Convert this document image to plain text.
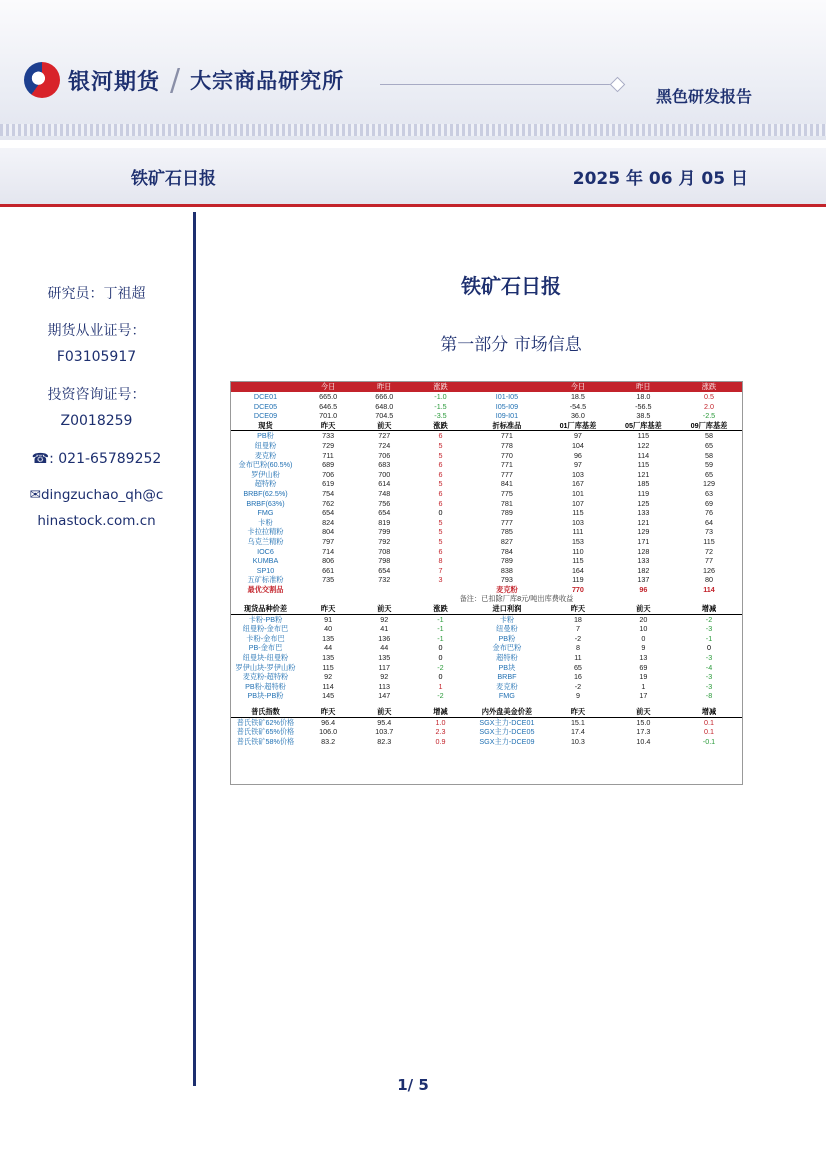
银河期货 / 大宗商品研究所
黑色研发报告
铁矿石日报	2025 年 06 月 05 日
研究员：丁祖超
期货从业证号：
F03105917
投资咨询证号：
Z0018259
☎: 021-65789252
✉dingzuchao_qh@c
hinastock.com.cn
铁矿石日报
第一部分 市场信息
	今日	昨日	涨跌		今日	昨日	涨跌	
DCE01	665.0	666.0	-1.0	I01-I05	18.5	18.0	0.5	
DCE05	646.5	648.0	-1.5	I05-I09	-54.5	-56.5	2.0	
DCE09	701.0	704.5	-3.5	I09-I01	36.0	38.5	-2.5	
现货	昨天	前天	涨跌	折标准品	01厂库基差	05厂库基差	09厂库基差	
PB粉	733	727	6	771	97	115	58	
纽曼粉	729	724	5	778	104	122	65	
麦克粉	711	706	5	770	96	114	58	
金布巴粉(60.5%)	689	683	6	771	97	115	59	
罗伊山粉	706	700	6	777	103	121	65	
超特粉	619	614	5	841	167	185	129	
BRBF(62.5%)	754	748	6	775	101	119	63	
BRBF(63%)	762	756	6	781	107	125	69	
FMG	654	654	0	789	115	133	76	
卡粉	824	819	5	777	103	121	64	
卡拉拉精粉	804	799	5	785	111	129	73	
乌克兰精粉	797	792	5	827	153	171	115	
IOC6	714	708	6	784	110	128	72	
KUMBA	806	798	8	789	115	133	77	
SP10	661	654	7	838	164	182	126	
五矿标准粉	735	732	3	793	119	137	80	
最优交割品				麦克粉	770	96	114	
备注：已扣除厂库8元/吨出库费收益								
现货品种价差	昨天	前天	涨跌	进口利润	昨天	前天	增减	
卡粉-PB粉	91	92	-1	卡粉	18	20	-2	
纽曼粉-金布巴	40	41	-1	纽曼粉	7	10	-3	
卡粉-金布巴	135	136	-1	PB粉	-2	0	-1	
PB-金布巴	44	44	0	金布巴粉	8	9	0	
纽曼块-纽曼粉	135	135	0	超特粉	11	13	-3	
罗伊山块-罗伊山粉	115	117	-2	PB块	65	69	-4	
麦克粉-超特粉	92	92	0	BRBF	16	19	-3	
PB粉-超特粉	114	113	1	麦克粉	-2	1	-3	
PB块-PB粉	145	147	-2	FMG	9	17	-8	

普氏指数	昨天	前天	增减	内外盘美金价差	昨天	前天	增减	
普氏铁矿62%价格	96.4	95.4	1.0	SGX主力-DCE01	15.1	15.0	0.1	
普氏铁矿65%价格	106.0	103.7	2.3	SGX主力-DCE05	17.4	17.3	0.1	
普氏铁矿58%价格	83.2	82.3	0.9	SGX主力-DCE09	10.3	10.4	-0.1	
1/ 5
